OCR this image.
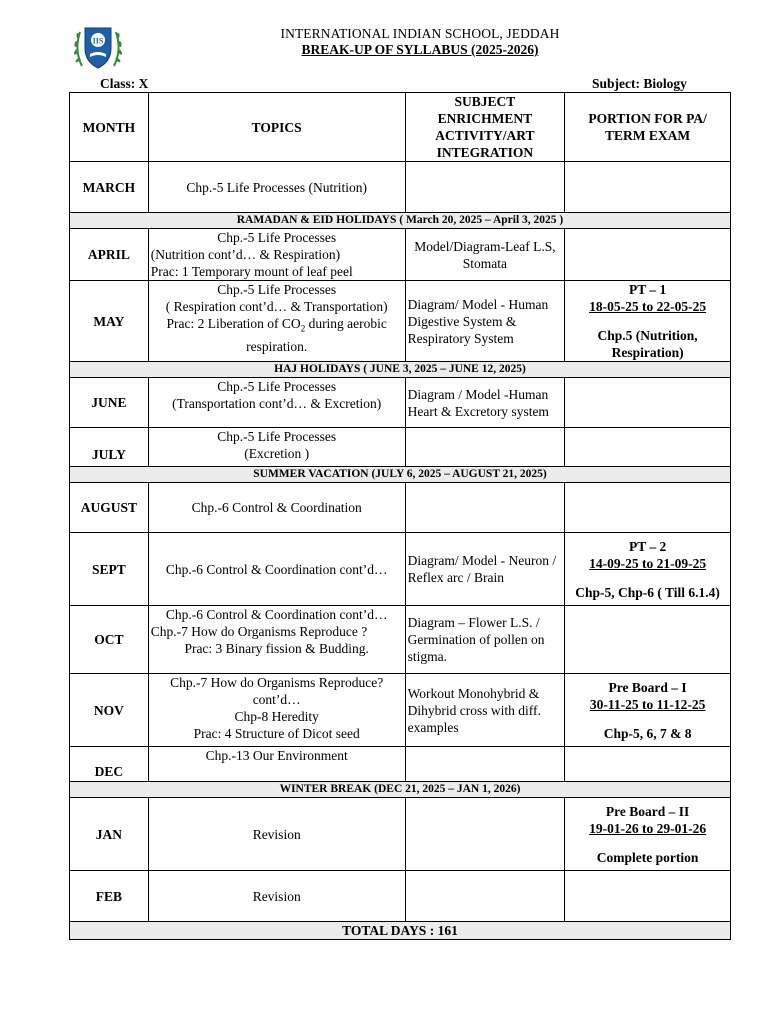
IIS	INTERNATIONAL INDIAN SCHOOL, JEDDAH
BREAK-UP OF SYLLABUS (2025-2026)
Class: X	Subject: Biology
MONTH	TOPICS	SUBJECT ENRICHMENT ACTIVITY/ART INTEGRATION	PORTION FOR PA/ TERM EXAM
MARCH	Chp.-5 Life Processes (Nutrition)		
RAMADAN & EID HOLIDAYS ( March 20, 2025 – April 3, 2025 )			
APRIL	Chp.-5 Life Processes
(Nutrition cont’d… & Respiration)
Prac: 1 Temporary mount of leaf peel	Model/Diagram-Leaf L.S,
Stomata	

MAY	Chp.-5 Life Processes
( Respiration cont’d… & Transportation)
Prac: 2 Liberation of $CO_2$ during aerobic
respiration.	Diagram/ Model - Human Digestive System & Respiratory System	PT – 1
18-05-25 to 22-05-25
Chp.5 (Nutrition, Respiration)

HAJ HOLIDAYS ( JUNE 3, 2025 – JUNE 12, 2025)			
JUNE	Chp.-5 Life Processes
(Transportation cont’d… & Excretion)	Diagram / Model -Human Heart & Excretory system	
JULY	Chp.-5 Life Processes
(Excretion )		

SUMMER VACATION (JULY 6, 2025 – AUGUST 21, 2025)			
AUGUST	Chp.-6 Control & Coordination		
SEPT	Chp.-6 Control & Coordination cont’d…	Diagram/ Model - Neuron / Reflex arc / Brain	PT – 2
14-09-25 to 21-09-25
Chp-5, Chp-6 ( Till 6.1.4)

OCT	Chp.-6 Control & Coordination cont’d…
Chp.-7 How do Organisms Reproduce ?
Prac: 3 Binary fission & Budding.	Diagram – Flower L.S. / Germination of pollen on stigma.	
NOV	Chp.-7 How do Organisms Reproduce?
cont’d…
Chp-8 Heredity
Prac: 4 Structure of Dicot seed	Workout Monohybrid & Dihybrid cross with diff. examples	Pre Board – I
30-11-25 to 11-12-25
Chp-5, 6, 7 & 8

DEC	Chp.-13 Our Environment		
WINTER BREAK (DEC 21, 2025 – JAN 1, 2026)			
JAN	Revision		Pre Board – II
19-01-26 to 29-01-26
Complete portion

FEB	Revision		
TOTAL DAYS : 161			
